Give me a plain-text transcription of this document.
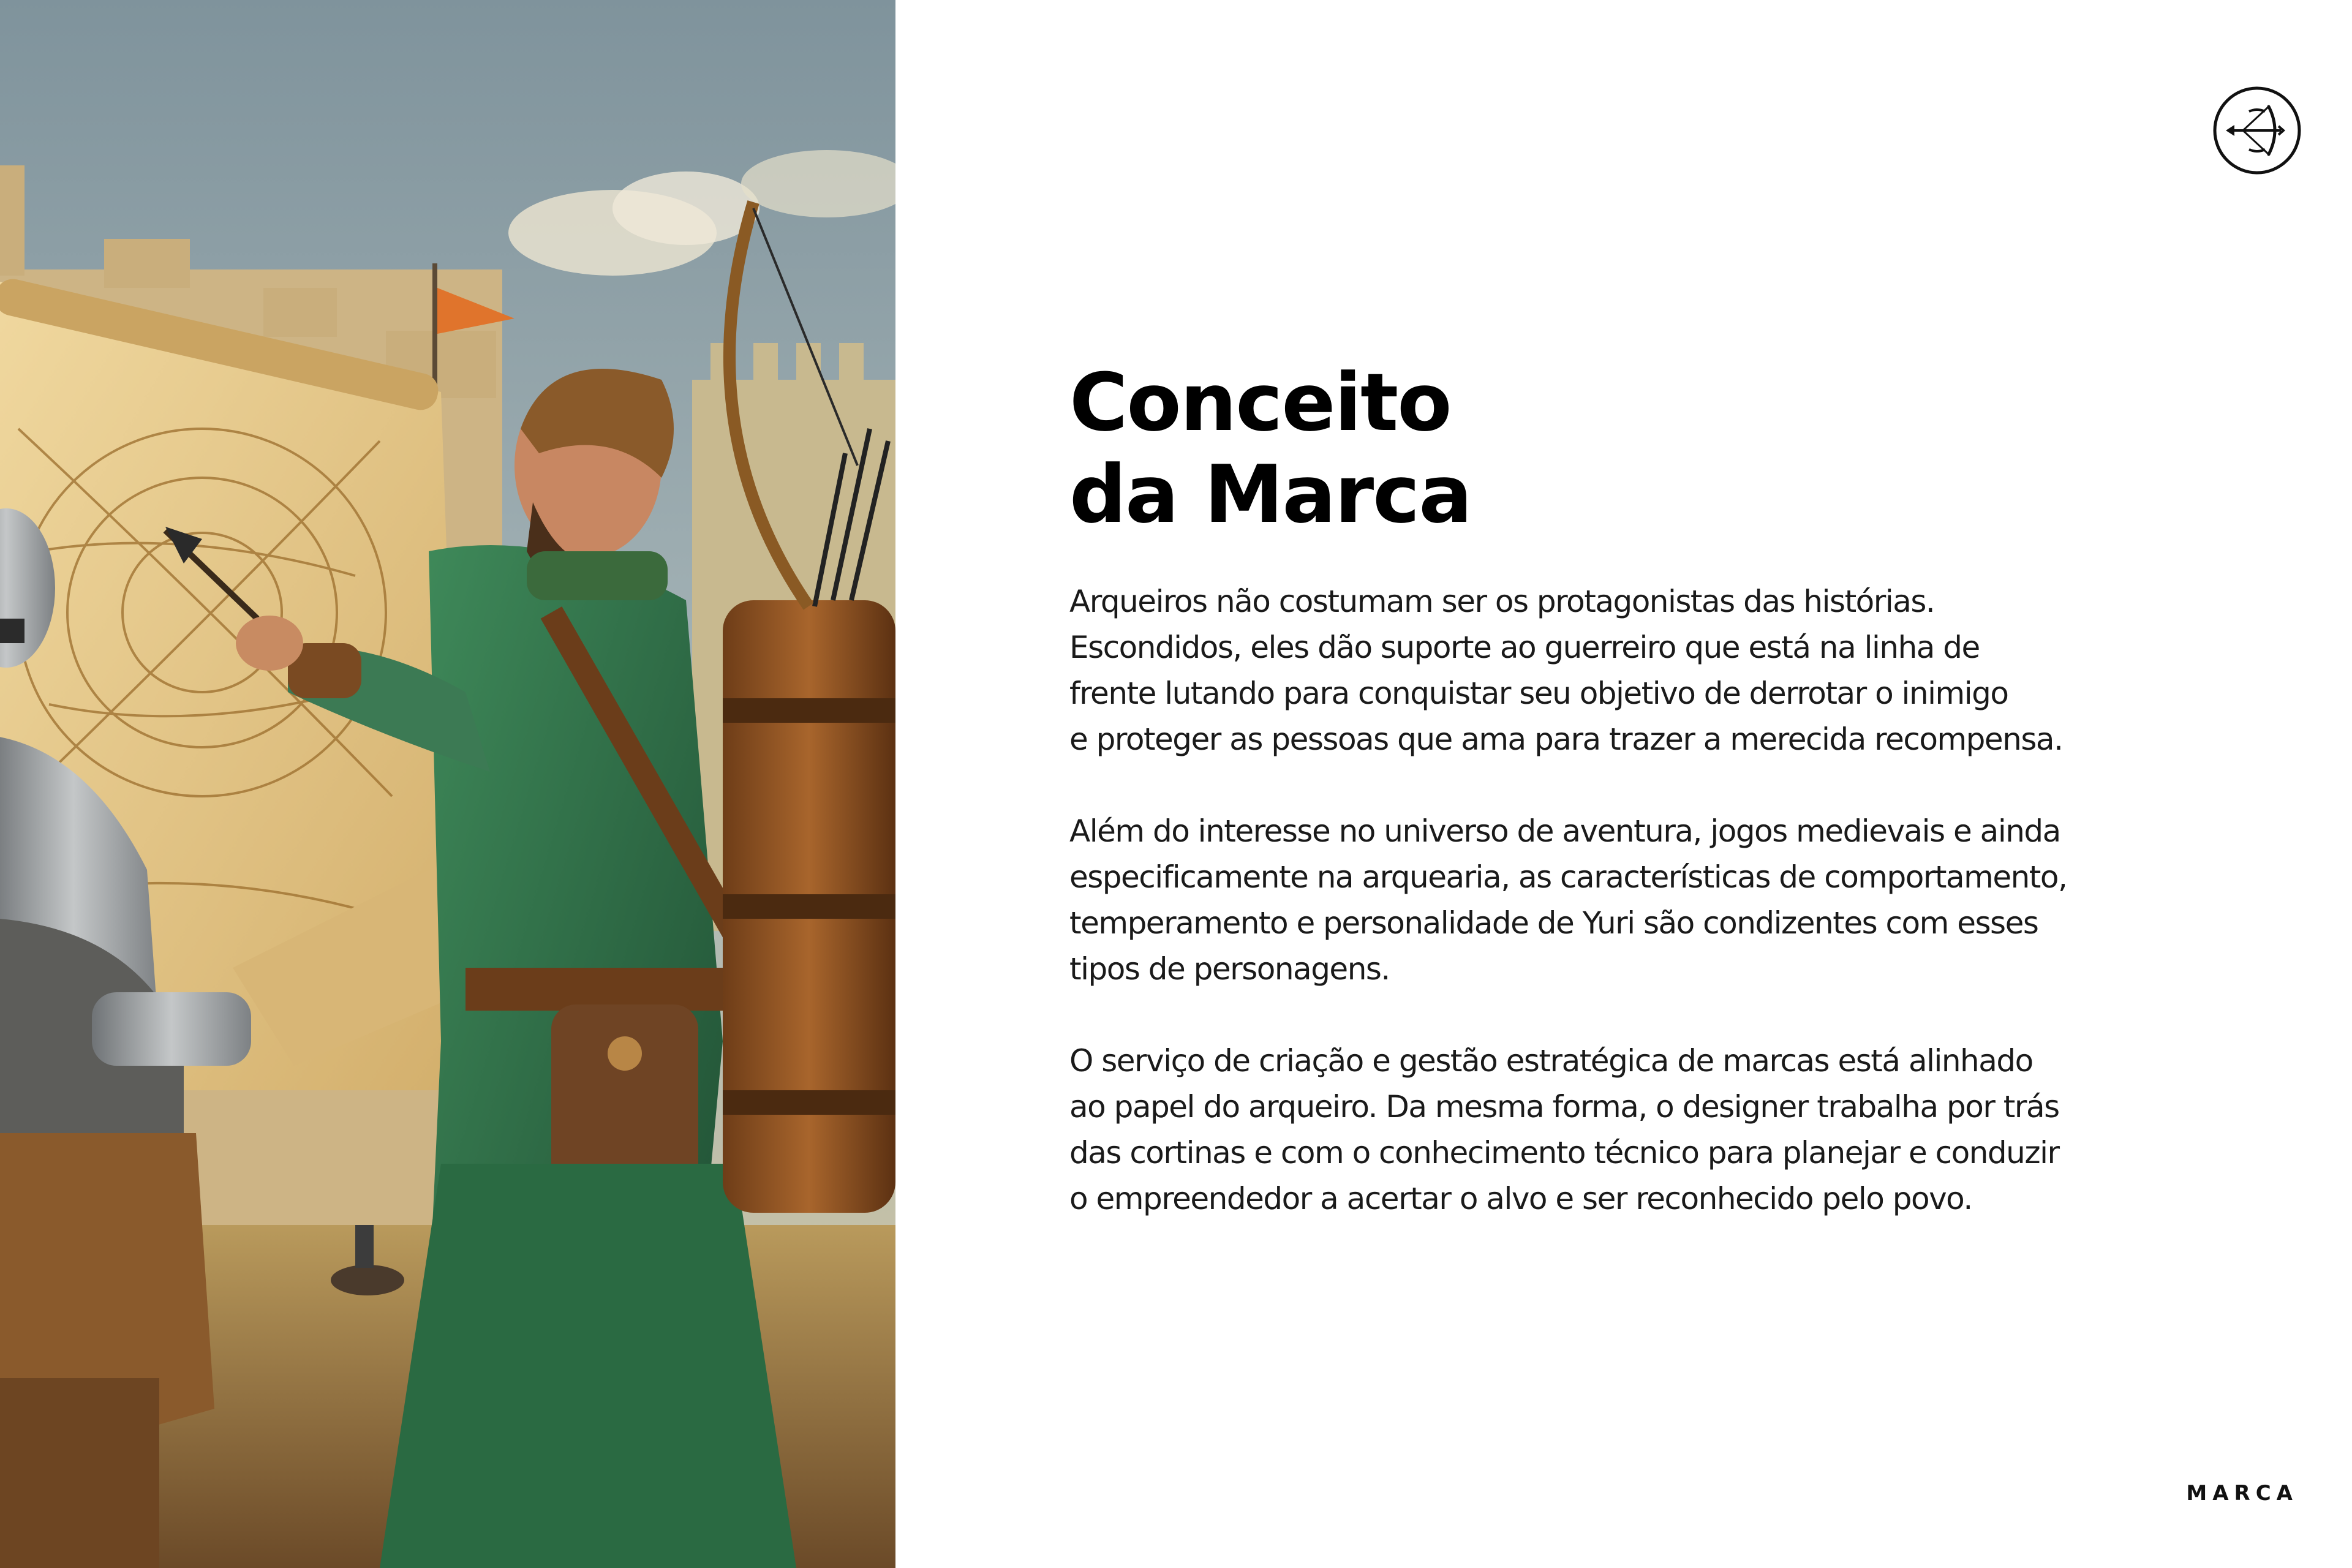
Conceito
da Marca

Arqueiros não costumam ser os protagonistas das histórias.
Escondidos, eles dão suporte ao guerreiro que está na linha de
frente lutando para conquistar seu objetivo de derrotar o inimigo
e proteger as pessoas que ama para trazer a merecida recompensa.

Além do interesse no universo de aventura, jogos medievais e ainda
especificamente na arquearia, as características de comportamento,
temperamento e personalidade de Yuri são condizentes com esses
tipos de personagens.

O serviço de criação e gestão estratégica de marcas está alinhado
ao papel do arqueiro. Da mesma forma, o designer trabalha por trás
das cortinas e com o conhecimento técnico para planejar e conduzir
o empreendedor a acertar o alvo e ser reconhecido pelo povo.

MARCA
